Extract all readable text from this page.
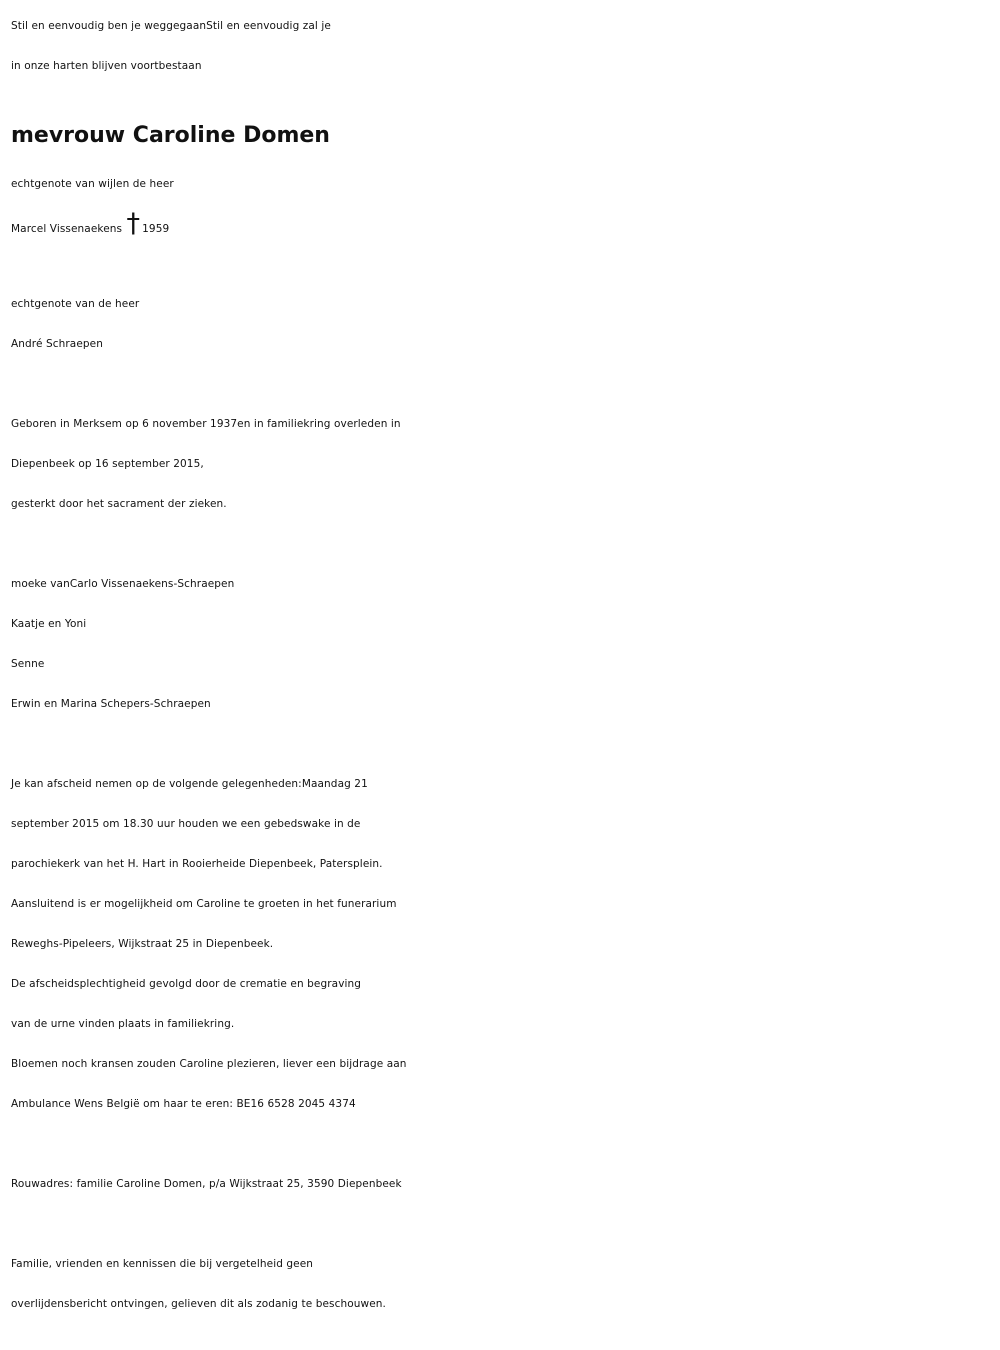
Stil en eenvoudig ben je weggegaanStil en eenvoudig zal je
in onze harten blijven voortbestaan
mevrouw Caroline Domen
echtgenote van wijlen de heer
Marcel Vissenaekens † 1959
echtgenote van de heer
André Schraepen
Geboren in Merksem op 6 november 1937en in familiekring overleden in
Diepenbeek op 16 september 2015,
gesterkt door het sacrament der zieken.
moeke vanCarlo Vissenaekens-Schraepen
Kaatje en Yoni
Senne
Erwin en Marina Schepers-Schraepen
Je kan afscheid nemen op de volgende gelegenheden:Maandag 21
september 2015 om 18.30 uur houden we een gebedswake in de
parochiekerk van het H. Hart in Rooierheide Diepenbeek, Patersplein.
Aansluitend is er mogelijkheid om Caroline te groeten in het funerarium
Reweghs-Pipeleers, Wijkstraat 25 in Diepenbeek.
De afscheidsplechtigheid gevolgd door de crematie en begraving
van de urne vinden plaats in familiekring.
Bloemen noch kransen zouden Caroline plezieren, liever een bijdrage aan
Ambulance Wens België om haar te eren: BE16 6528 2045 4374
Rouwadres: familie Caroline Domen, p/a Wijkstraat 25, 3590 Diepenbeek
Familie, vrienden en kennissen die bij vergetelheid geen
overlijdensbericht ontvingen, gelieven dit als zodanig te beschouwen.
